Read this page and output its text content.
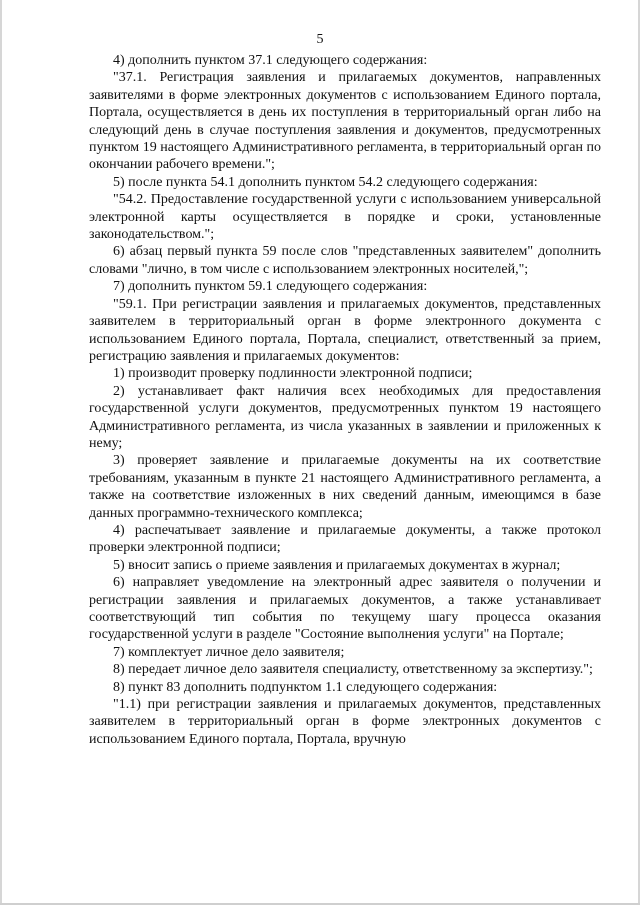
5

4) дополнить пунктом 37.1 следующего содержания:

"37.1. Регистрация заявления и прилагаемых документов, направленных заявителями в форме электронных документов с использованием Единого портала, Портала, осуществляется в день их поступления в территориальный орган либо на следующий день в случае поступления заявления и документов, предусмотренных пунктом 19 настоящего Административного регламента, в территориальный орган по окончании рабочего времени.";

5) после пункта 54.1 дополнить пунктом 54.2 следующего содержания:

"54.2. Предоставление государственной услуги с использованием универсальной электронной карты осуществляется в порядке и сроки, установленные законодательством.";

6) абзац первый пункта 59 после слов "представленных заявителем" дополнить словами "лично, в том числе с использованием электронных носителей,";

7) дополнить пунктом 59.1 следующего содержания:

"59.1. При регистрации заявления и прилагаемых документов, представленных заявителем в территориальный орган в форме электронного документа с использованием Единого портала, Портала, специалист, ответственный за прием, регистрацию заявления и прилагаемых документов:

1) производит проверку подлинности электронной подписи;

2) устанавливает факт наличия всех необходимых для предоставления государственной услуги документов, предусмотренных пунктом 19 настоящего Административного регламента, из числа указанных в заявлении и приложенных к нему;

3) проверяет заявление и прилагаемые документы на их соответствие требованиям, указанным в пункте 21 настоящего Административного регламента, а также на соответствие изложенных в них сведений данным, имеющимся в базе данных программно-технического комплекса;

4) распечатывает заявление и прилагаемые документы, а также протокол проверки электронной подписи;

5) вносит запись о приеме заявления и прилагаемых документах в журнал;

6) направляет уведомление на электронный адрес заявителя о получении и регистрации заявления и прилагаемых документов, а также устанавливает соответствующий тип события по текущему шагу процесса оказания государственной услуги в разделе "Состояние выполнения услуги" на Портале;

7) комплектует личное дело заявителя;

8) передает личное дело заявителя специалисту, ответственному за экспертизу.";

8) пункт 83 дополнить подпунктом 1.1 следующего содержания:

"1.1) при регистрации заявления и прилагаемых документов, представленных заявителем в территориальный орган в форме электронных документов с использованием Единого портала, Портала, вручную
